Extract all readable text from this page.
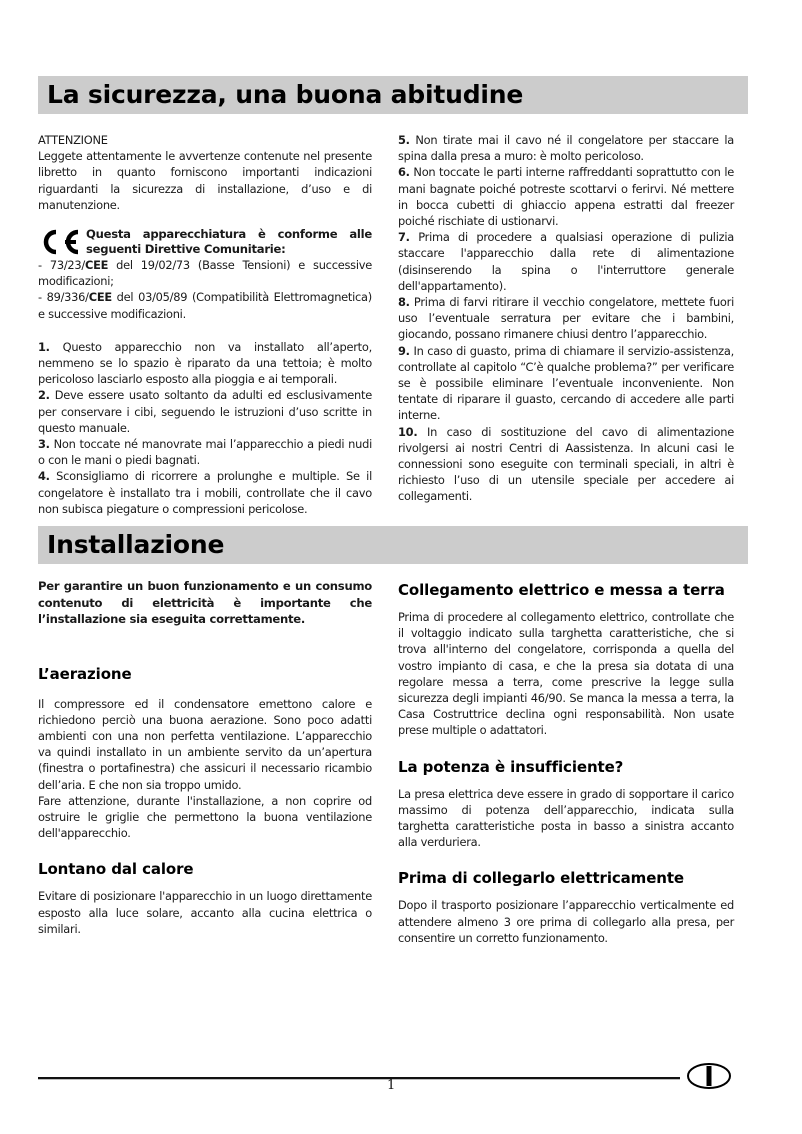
La sicurezza, una buona abitudine

ATTENZIONE

Leggete attentamente le avvertenze contenute nel presente libretto in quanto forniscono importanti indicazioni riguardanti la sicurezza di installazione, d’uso e di manutenzione.

Questa apparecchiatura è conforme alle seguenti Direttive Comunitarie:

- 73/23/CEE del 19/02/73 (Basse Tensioni) e successive modificazioni;

- 89/336/CEE del 03/05/89 (Compatibilità Elettromagnetica) e successive modificazioni.

1. Questo apparecchio non va installato all’aperto, nemmeno se lo spazio è riparato da una tettoia; è molto pericoloso lasciarlo esposto alla pioggia e ai temporali.

2. Deve essere usato soltanto da adulti ed esclusivamente per conservare i cibi, seguendo le istruzioni d’uso scritte in questo manuale.

3. Non toccate né manovrate mai l’apparecchio a piedi nudi o con le mani o piedi bagnati.

4. Sconsigliamo di ricorrere a prolunghe e multiple. Se il congelatore è installato tra i mobili, controllate che il cavo non subisca piegature o compressioni pericolose.

5. Non tirate mai il cavo né il congelatore per staccare la spina dalla presa a muro: è molto pericoloso.

6. Non toccate le parti interne raffreddanti soprattutto con le mani bagnate poiché potreste scottarvi o ferirvi. Né mettere in bocca cubetti di ghiaccio appena estratti dal freezer poiché rischiate di ustionarvi.

7. Prima di procedere a qualsiasi operazione di pulizia staccare l'apparecchio dalla rete di alimentazione (disinserendo la spina o l'interruttore generale dell'appartamento).

8. Prima di farvi ritirare il vecchio congelatore, mettete fuori uso l’eventuale serratura per evitare che i bambini, giocando, possano rimanere chiusi dentro l’apparecchio.

9. In caso di guasto, prima di chiamare il servizio-assistenza, controllate al capitolo “C’è qualche problema?” per verificare se è possibile eliminare l’eventuale inconveniente. Non tentate di riparare il guasto, cercando di accedere alle parti interne.

10. In caso di sostituzione del cavo di alimentazione rivolgersi ai nostri Centri di Aassistenza. In alcuni casi le connessioni sono eseguite con terminali speciali, in altri è richiesto l’uso di un utensile speciale per accedere ai collegamenti.

Installazione

Per garantire un buon funzionamento e un consumo contenuto di elettricità è importante che l’installazione sia eseguita correttamente.

L’aerazione

Il compressore ed il condensatore emettono calore e richiedono perciò una buona aerazione. Sono poco adatti ambienti con una non perfetta ventilazione. L’apparecchio va quindi installato in un ambiente servito da un’apertura (finestra o portafinestra) che assicuri il necessario ricambio dell’aria. E che non sia troppo umido.

Fare attenzione, durante l'installazione, a non coprire od ostruire le griglie che permettono la buona ventilazione dell'apparecchio.

Lontano dal calore

Evitare di posizionare l'apparecchio in un luogo direttamente esposto alla luce solare, accanto alla cucina elettrica o similari.

Collegamento elettrico e messa a terra

Prima di procedere al collegamento elettrico, controllate che il voltaggio indicato sulla targhetta caratteristiche, che si trova all'interno del congelatore, corrisponda a quella del vostro impianto di casa, e che la presa sia dotata di una regolare messa a terra, come prescrive la legge sulla sicurezza degli impianti 46/90. Se manca la messa a terra, la Casa Costruttrice declina ogni responsabilità. Non usate prese multiple o adattatori.

La potenza è insufficiente?

La presa elettrica deve essere in grado di sopportare il carico massimo di potenza dell’apparecchio, indicata sulla targhetta caratteristiche posta in basso a sinistra accanto alla verduriera.

Prima di collegarlo elettricamente

Dopo il trasporto posizionare l’apparecchio verticalmente ed attendere almeno 3 ore prima di collegarlo alla presa, per consentire un corretto funzionamento.

1
